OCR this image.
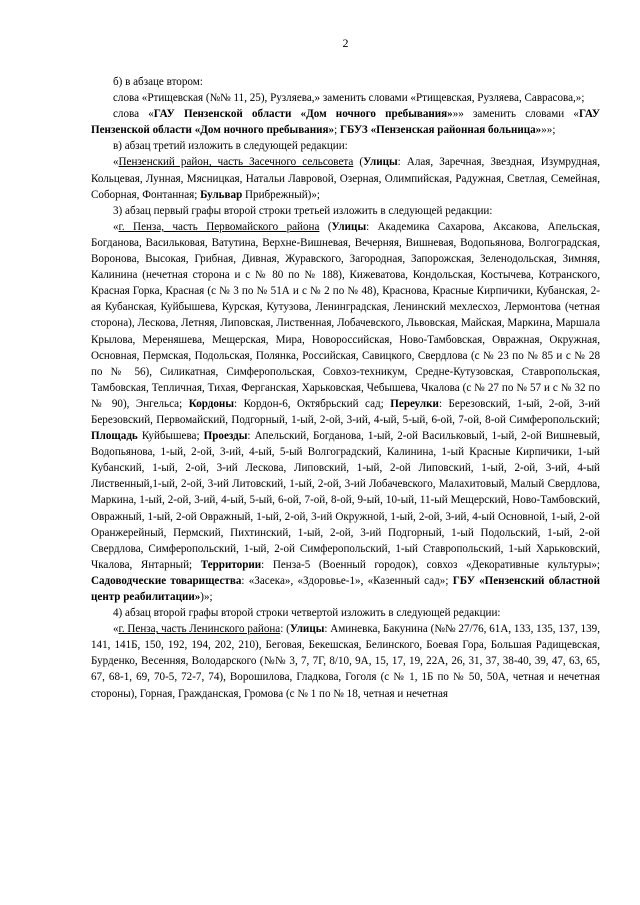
2

б) в абзаце втором:

слова «Ртищевская (№№ 11, 25), Рузляева,» заменить словами «Ртищевская, Рузляева, Саврасова,»;

слова «ГАУ Пензенской области «Дом ночного пребывания»»» заменить словами «ГАУ Пензенской области «Дом ночного пребывания»; ГБУЗ «Пензенская районная больница»»»;

в) абзац третий изложить в следующей редакции:

«Пензенский район, часть Засечного сельсовета (Улицы: Алая, Заречная, Звездная, Изумрудная, Кольцевая, Лунная, Мясницкая, Натальи Лавровой, Озерная, Олимпийская, Радужная, Светлая, Семейная, Соборная, Фонтанная; Бульвар Прибрежный)»;

3) абзац первый графы второй строки третьей изложить в следующей редакции:

«г. Пенза, часть Первомайского района (Улицы: Академика Сахарова, Аксакова, Апельская, Богданова, Васильковая, Ватутина, Верхне-Вишневая, Вечерняя, Вишневая, Водопьянова, Волгоградская, Воронова, Высокая, Грибная, Дивная, Журавского, Загородная, Запорожская, Зеленодольская, Зимняя, Калинина (нечетная сторона и с № 80 по № 188), Кижеватова, Кондольская, Костычева, Котранского, Красная Горка, Красная (с № 3 по № 51А и с № 2 по № 48), Краснова, Красные Кирпичики, Кубанская, 2-ая Кубанская, Куйбышева, Курская, Кутузова, Ленинградская, Ленинский мехлесхоз, Лермонтова (четная сторона), Лескова, Летняя, Липовская, Лиственная, Лобачевского, Львовская, Майская, Маркина, Маршала Крылова, Мереняшева, Мещерская, Мира, Новороссийская, Ново-Тамбовская, Овражная, Окружная, Основная, Пермская, Подольская, Полянка, Российская, Савицкого, Свердлова (с № 23 по № 85 и с № 28 по № 56), Силикатная, Симферопольская, Совхоз-техникум, Средне-Кутузовская, Ставропольская, Тамбовская, Тепличная, Тихая, Ферганская, Харьковская, Чебышева, Чкалова (с № 27 по № 57 и с № 32 по № 90), Энгельса; Кордоны: Кордон-6, Октябрьский сад; Переулки: Березовский, 1-ый, 2-ой, 3-ий Березовский, Первомайский, Подгорный, 1-ый, 2-ой, 3-ий, 4-ый, 5-ый, 6-ой, 7-ой, 8-ой Симферопольский; Площадь Куйбышева; Проезды: Апельский, Богданова, 1-ый, 2-ой Васильковый, 1-ый, 2-ой Вишневый, Водопьянова, 1-ый, 2-ой, 3-ий, 4-ый, 5-ый Волгоградский, Калинина, 1-ый Красные Кирпичики, 1-ый Кубанский, 1-ый, 2-ой, 3-ий Лескова, Липовский, 1-ый, 2-ой Липовский, 1-ый, 2-ой, 3-ий, 4-ый Лиственный,1-ый, 2-ой, 3-ий Литовский, 1-ый, 2-ой, 3-ий Лобачевского, Малахитовый, Малый Свердлова, Маркина, 1-ый, 2-ой, 3-ий, 4-ый, 5-ый, 6-ой, 7-ой, 8-ой, 9-ый, 10-ый, 11-ый Мещерский, Ново-Тамбовский, Овражный, 1-ый, 2-ой Овражный, 1-ый, 2-ой, 3-ий Окружной, 1-ый, 2-ой, 3-ий, 4-ый Основной, 1-ый, 2-ой Оранжерейный, Пермский, Пихтинский, 1-ый, 2-ой, 3-ий Подгорный, 1-ый Подольский, 1-ый, 2-ой Свердлова, Симферопольский, 1-ый, 2-ой Симферопольский, 1-ый Ставропольский, 1-ый Харьковский, Чкалова, Янтарный; Территории: Пенза-5 (Военный городок), совхоз «Декоративные культуры»; Садоводческие товарищества: «Засека», «Здоровье-1», «Казенный сад»; ГБУ «Пензенский областной центр реабилитации»)»;

4) абзац второй графы второй строки четвертой изложить в следующей редакции:

«г. Пенза, часть Ленинского района: (Улицы: Аминевка, Бакунина (№№ 27/76, 61А, 133, 135, 137, 139, 141, 141Б, 150, 192, 194, 202, 210), Беговая, Бекешская, Белинского, Боевая Гора, Большая Радищевская, Бурденко, Весенняя, Володарского (№№ 3, 7, 7Г, 8/10, 9А, 15, 17, 19, 22А, 26, 31, 37, 38-40, 39, 47, 63, 65, 67, 68-1, 69, 70-5, 72-7, 74), Ворошилова, Гладкова, Гоголя (с № 1, 1Б по № 50, 50А, четная и нечетная стороны), Горная, Гражданская, Громова (с № 1 по № 18, четная и нечетная
